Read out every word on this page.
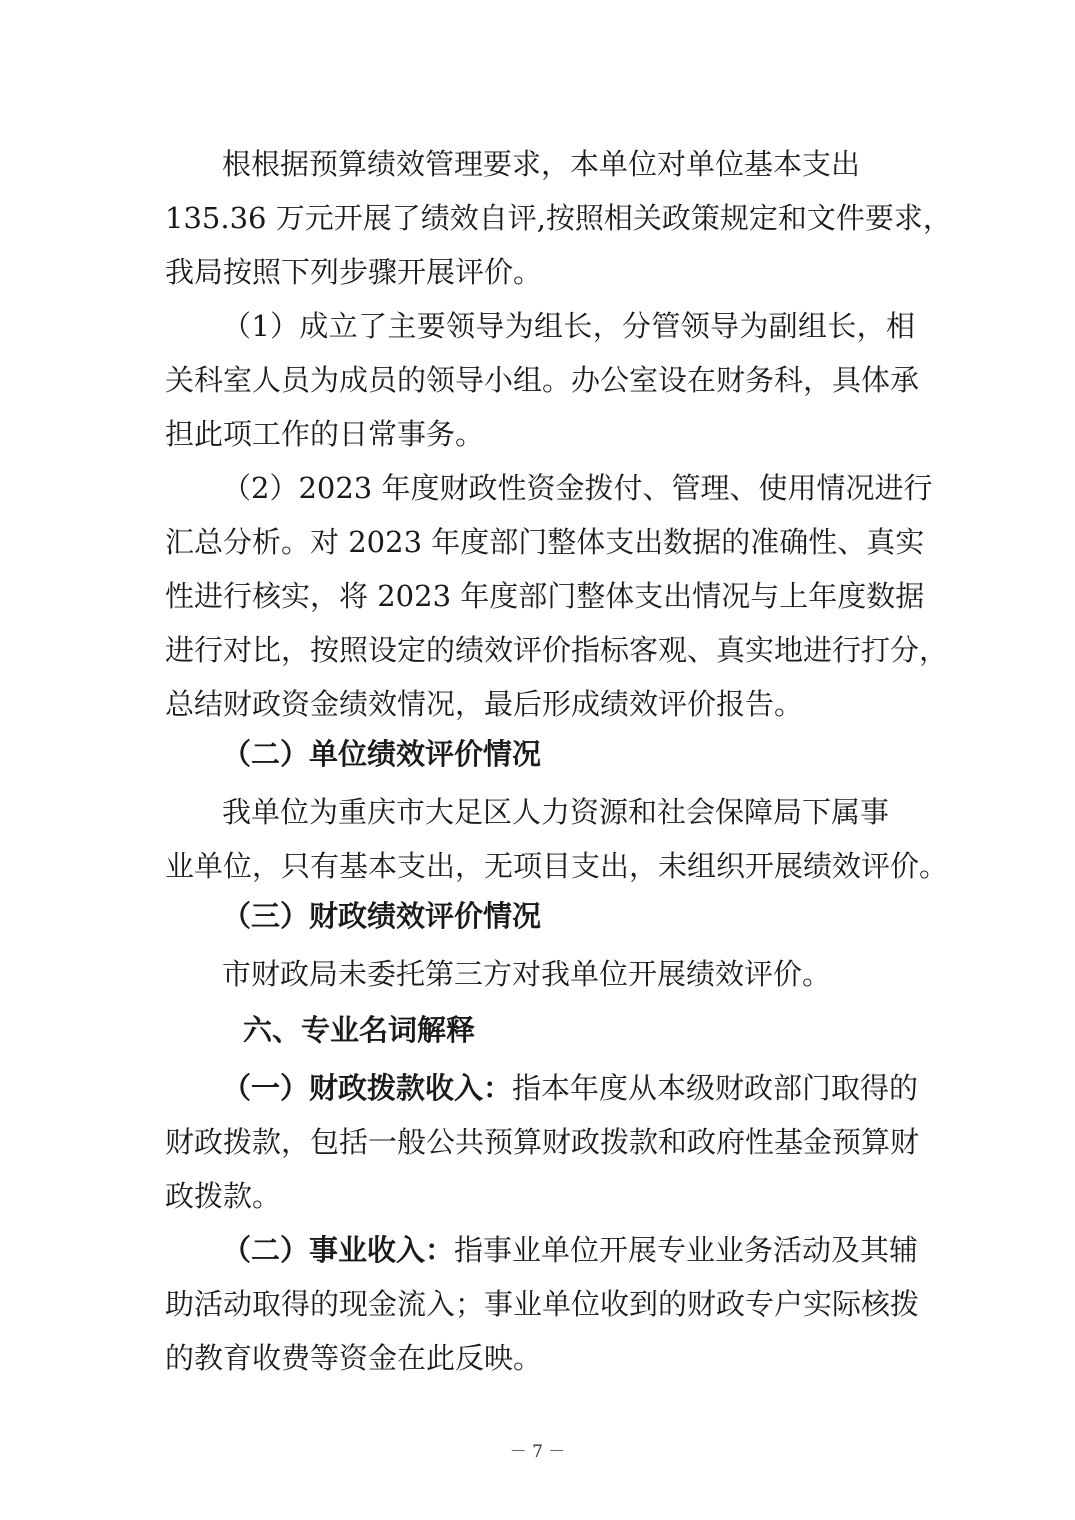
根根据预算绩效管理要求，本单位对单位基本支出

135.36 万元开展了绩效自评,按照相关政策规定和文件要求，

我局按照下列步骤开展评价。

（1）成立了主要领导为组长，分管领导为副组长，相

关科室人员为成员的领导小组。办公室设在财务科，具体承

担此项工作的日常事务。

（2）2023 年度财政性资金拨付、管理、使用情况进行

汇总分析。对 2023 年度部门整体支出数据的准确性、真实

性进行核实，将 2023 年度部门整体支出情况与上年度数据

进行对比，按照设定的绩效评价指标客观、真实地进行打分，

总结财政资金绩效情况，最后形成绩效评价报告。

（二）单位绩效评价情况

我单位为重庆市大足区人力资源和社会保障局下属事

业单位，只有基本支出，无项目支出，未组织开展绩效评价。

（三）财政绩效评价情况

市财政局未委托第三方对我单位开展绩效评价。

六、专业名词解释

（一）财政拨款收入： 指本年度从本级财政部门取得的

财政拨款，包括一般公共预算财政拨款和政府性基金预算财

政拨款。

（二）事业收入： 指事业单位开展专业业务活动及其辅

助活动取得的现金流入；事业单位收到的财政专户实际核拨

的教育收费等资金在此反映。

－ 7 －
